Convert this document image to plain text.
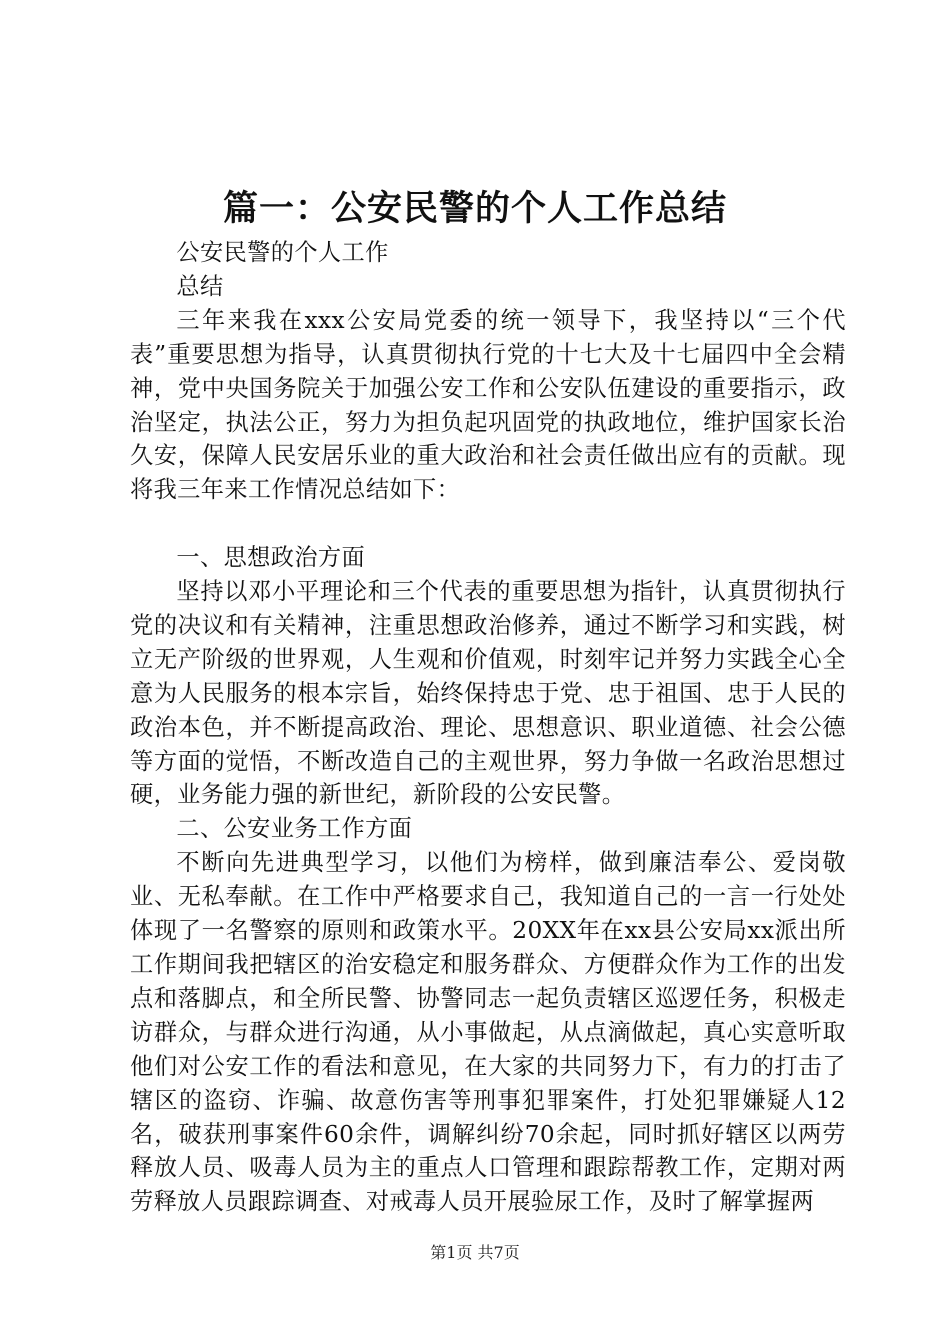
篇一：公安民警的个人工作总结

公安民警的个人工作

总结

三年来我在xxx公安局党委的统一领导下，我坚持以“三个代表”重要思想为指导，认真贯彻执行党的十七大及十七届四中全会精神，党中央国务院关于加强公安工作和公安队伍建设的重要指示，政治坚定，执法公正，努力为担负起巩固党的执政地位，维护国家长治久安，保障人民安居乐业的重大政治和社会责任做出应有的贡献。现将我三年来工作情况总结如下：

一、思想政治方面

坚持以邓小平理论和三个代表的重要思想为指针，认真贯彻执行党的决议和有关精神，注重思想政治修养，通过不断学习和实践，树立无产阶级的世界观，人生观和价值观，时刻牢记并努力实践全心全意为人民服务的根本宗旨，始终保持忠于党、忠于祖国、忠于人民的政治本色，并不断提高政治、理论、思想意识、职业道德、社会公德等方面的觉悟，不断改造自己的主观世界，努力争做一名政治思想过硬，业务能力强的新世纪，新阶段的公安民警。

二、公安业务工作方面

不断向先进典型学习，以他们为榜样，做到廉洁奉公、爱岗敬业、无私奉献。在工作中严格要求自己，我知道自己的一言一行处处体现了一名警察的原则和政策水平。20XX年在xx县公安局xx派出所工作期间我把辖区的治安稳定和服务群众、方便群众作为工作的出发点和落脚点，和全所民警、协警同志一起负责辖区巡逻任务，积极走访群众，与群众进行沟通，从小事做起，从点滴做起，真心实意听取他们对公安工作的看法和意见，在大家的共同努力下，有力的打击了辖区的盗窃、诈骗、故意伤害等刑事犯罪案件，打处犯罪嫌疑人12名，破获刑事案件60余件，调解纠纷70余起，同时抓好辖区以两劳释放人员、吸毒人员为主的重点人口管理和跟踪帮教工作，定期对两劳释放人员跟踪调查、对戒毒人员开展验尿工作，及时了解掌握两

第1页 共7页
